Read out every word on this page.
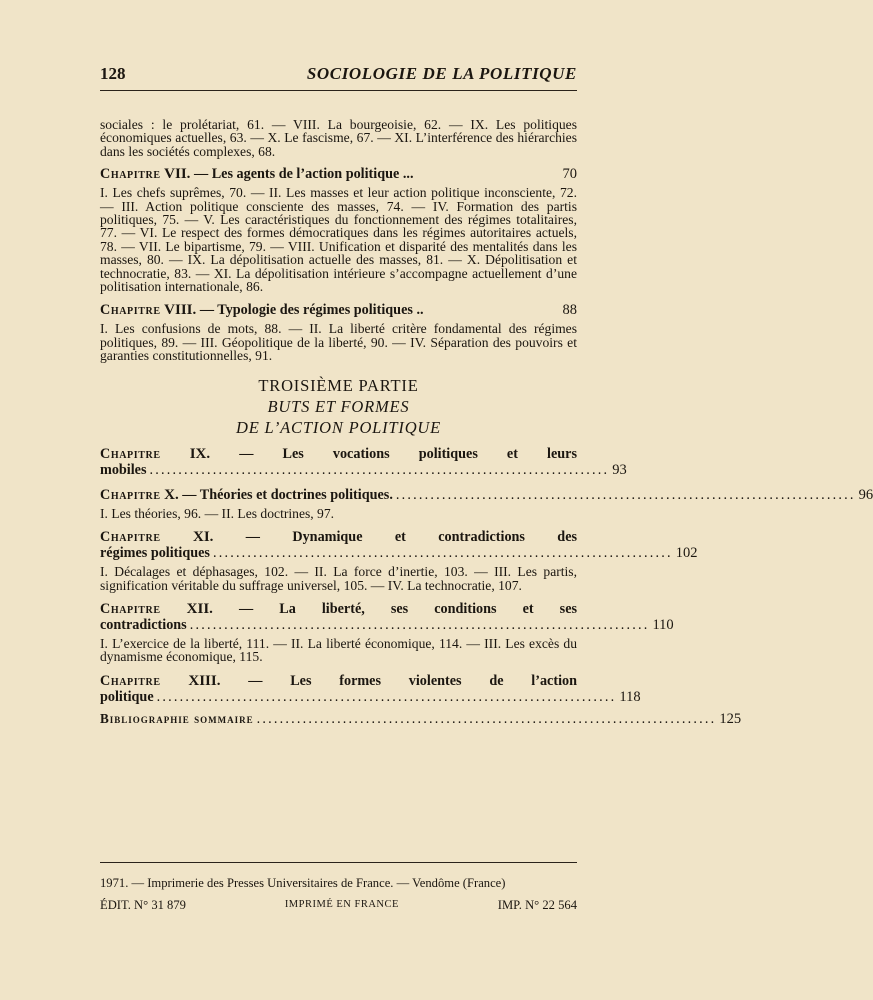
128	SOCIOLOGIE DE LA POLITIQUE

sociales : le prolétariat, 61. — VIII. La bourgeoisie, 62. — IX. Les politiques économiques actuelles, 63. — X. Le fascisme, 67. — XI. L’interférence des hiérarchies dans les sociétés complexes, 68.

Chapitre VII. — Les agents de l’action politique ...	70

I. Les chefs suprêmes, 70. — II. Les masses et leur action politique inconsciente, 72. — III. Action politique consciente des masses, 74. — IV. Formation des partis politiques, 75. — V. Les caractéristiques du fonctionnement des régimes totalitaires, 77. — VI. Le respect des formes démocratiques dans les régimes autoritaires actuels, 78. — VII. Le bipartisme, 79. — VIII. Unification et disparité des mentalités dans les masses, 80. — IX. La dépolitisation actuelle des masses, 81. — X. Dépolitisation et technocratie, 83. — XI. La dépolitisation intérieure s’accompagne actuellement d’une politisation internationale, 86.

Chapitre VIII. — Typologie des régimes politiques ..	88

I. Les confusions de mots, 88. — II. La liberté critère fondamental des régimes politiques, 89. — III. Géopolitique de la liberté, 90. — IV. Séparation des pouvoirs et garanties constitutionnelles, 91.

TROISIÈME PARTIE
BUTS ET FORMES
DE L’ACTION POLITIQUE
Chapitre IX. — Les vocations politiques et leurs
mobiles ................................................................................ 93
Chapitre X. — Théories et doctrines politiques. ................................................................................ 96

I. Les théories, 96. — II. Les doctrines, 97.

Chapitre XI. — Dynamique et contradictions des
régimes politiques ................................................................................ 102

I. Décalages et déphasages, 102. — II. La force d’inertie, 103. — III. Les partis, signification véritable du suffrage universel, 105. — IV. La technocratie, 107.

Chapitre XII. — La liberté, ses conditions et ses
contradictions ................................................................................ 110

I. L’exercice de la liberté, 111. — II. La liberté économique, 114. — III. Les excès du dynamisme économique, 115.

Chapitre XIII. — Les formes violentes de l’action
politique ................................................................................ 118
Bibliographie sommaire ................................................................................ 125
1971. — Imprimerie des Presses Universitaires de France. — Vendôme (France)
ÉDIT. N° 31 879	IMPRIMÉ EN FRANCE	IMP. N° 22 564
